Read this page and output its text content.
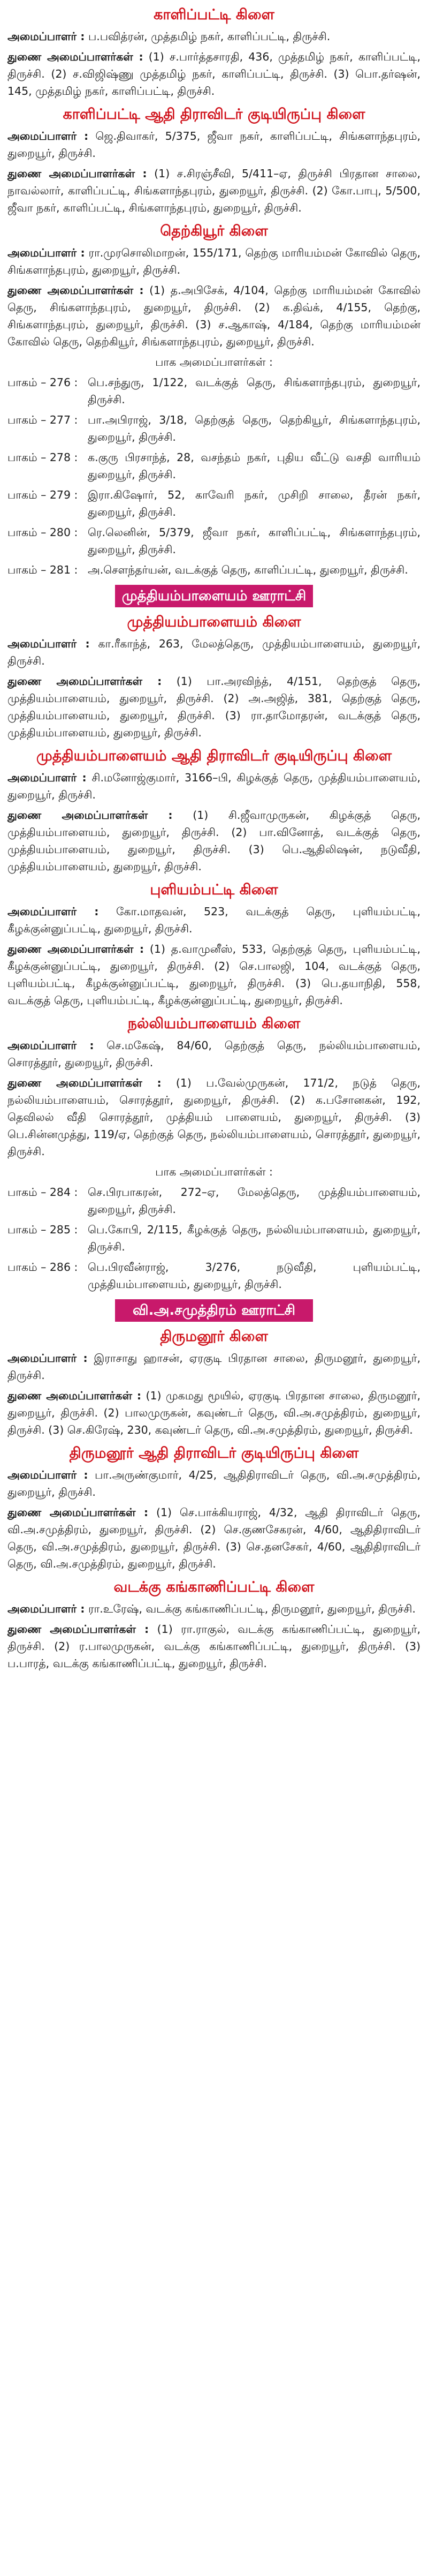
காளிப்பட்டி கிளை
அமைப்பாளர் : ப.பவித்ரன், முத்தமிழ் நகர், காளிப்பட்டி, திருச்சி.
துணை அமைப்பாளர்கள் : (1) ச.பார்த்தசாரதி, 436, முத்தமிழ் நகர், காளிப்பட்டி, திருச்சி. (2) ச.விஜிஷ்ணு முத்தமிழ் நகர், காளிப்பட்டி, திருச்சி. (3) பொ.தர்ஷன், 145, முத்தமிழ் நகர், காளிப்பட்டி, திருச்சி.
காளிப்பட்டி ஆதி திராவிடர் குடியிருப்பு கிளை
அமைப்பாளர் : ஜெ.திவாகர், 5/375, ஜீவா நகர், காளிப்பட்டி, சிங்களாந்தபுரம், துறையூர், திருச்சி.
துணை அமைப்பாளர்கள் : (1) ச.சிரஞ்சீவி, 5/411–ஏ, திருச்சி பிரதான சாலை, நாவல்லார், காளிப்பட்டி, சிங்களாந்தபுரம், துறையூர், திருச்சி. (2) கோ.பாபு, 5/500, ஜீவா நகர், காளிப்பட்டி, சிங்களாந்தபுரம், துறையூர், திருச்சி.
தெற்கியூர் கிளை
அமைப்பாளர் : ரா.முரசொலிமாறன், 155/171, தெற்கு மாரியம்மன் கோவில் தெரு, சிங்களாந்தபுரம், துறையூர், திருச்சி.
துணை அமைப்பாளர்கள் : (1) த.அபிசேக், 4/104, தெற்கு மாரியம்மன் கோவில் தெரு, சிங்களாந்தபுரம், துறையூர், திருச்சி. (2) க.திவ்க், 4/155, தெற்கு, சிங்களாந்தபுரம், துறையூர், திருச்சி. (3) ச.ஆகாஷ், 4/184, தெற்கு மாரியம்மன் கோவில் தெரு, தெற்கியூர், சிங்களாந்தபுரம், துறையூர், திருச்சி.
பாக அமைப்பாளர்கள் :
பாகம் – 276 : பெ.சந்துரு, 1/122, வடக்குத் தெரு, சிங்களாந்தபுரம், துறையூர், திருச்சி.
பாகம் – 277 : பா.அபிராஜ், 3/18, தெற்குத் தெரு, தெற்கியூர், சிங்களாந்தபுரம், துறையூர், திருச்சி.
பாகம் – 278 : க.குரு பிரசாந்த், 28, வசந்தம் நகர், புதிய வீட்டு வசதி வாரியம் துறையூர், திருச்சி.
பாகம் – 279 : இரா.கிஷோர், 52, காவேரி நகர், முசிறி சாலை, தீரன் நகர், துறையூர், திருச்சி.
பாகம் – 280 : ரெ.லெனின், 5/379, ஜீவா நகர், காளிப்பட்டி, சிங்களாந்தபுரம், துறையூர், திருச்சி.
பாகம் – 281 : அ.சௌந்தர்யன், வடக்குத் தெரு, காளிப்பட்டி, துறையூர், திருச்சி.
முத்தியம்பாளையம் ஊராட்சி
முத்தியம்பாளையம் கிளை
அமைப்பாளர் : கா.ரீகாந்த், 263, மேலத்தெரு, முத்தியம்பாளையம், துறையூர், திருச்சி.
துணை அமைப்பாளர்கள் : (1) பா.அரவிந்த், 4/151, தெற்குத் தெரு, முத்தியம்பாளையம், துறையூர், திருச்சி. (2) அ.அஜித், 381, தெற்குத் தெரு, முத்தியம்பாளையம், துறையூர், திருச்சி. (3) ரா.தாமோதரன், வடக்குத் தெரு, முத்தியம்பாளையம், துறையூர், திருச்சி.
முத்தியம்பாளையம் ஆதி திராவிடர் குடியிருப்பு கிளை
அமைப்பாளர் : சி.மனோஜ்குமார், 3166–பி, கிழக்குத் தெரு, முத்தியம்பாளையம், துறையூர், திருச்சி.
துணை அமைப்பாளர்கள் : (1) சி.ஜீவாமுருகன், கிழக்குத் தெரு, முத்தியம்பாளையம், துறையூர், திருச்சி. (2) பா.வினோத், வடக்குத் தெரு, முத்தியம்பாளையம், துறையூர், திருச்சி. (3) பெ.ஆதிலிஷன், நடுவீதி, முத்தியம்பாளையம், துறையூர், திருச்சி.
புளியம்பட்டி கிளை
அமைப்பாளர் : கோ.மாதவன், 523, வடக்குத் தெரு, புளியம்பட்டி, கீழக்குன்னுப்பட்டி, துறையூர், திருச்சி.
துணை அமைப்பாளர்கள் : (1) த.வாமுனீஸ், 533, தெற்குத் தெரு, புளியம்பட்டி, கீழக்குன்னுப்பட்டி, துறையூர், திருச்சி. (2) செ.பாலஜி, 104, வடக்குத் தெரு, புளியம்பட்டி, கீழக்குன்னுப்பட்டி, துறையூர், திருச்சி. (3) பெ.தயாநிதி, 558, வடக்குத் தெரு, புளியம்பட்டி, கீழக்குன்னுப்பட்டி, துறையூர், திருச்சி.
நல்லியம்பாளையம் கிளை
அமைப்பாளர் : செ.மகேஷ், 84/60, தெற்குத் தெரு, நல்லியம்பாளையம், சொரத்தூர், துறையூர், திருச்சி.
துணை அமைப்பாளர்கள் : (1) ப.வேல்முருகன், 171/2, நடுத் தெரு, நல்லியம்பாளையம், சொரத்தூர், துறையூர், திருச்சி. (2) க.பசோனகன், 192, தெவிலல் வீதி சொரத்தூர், முத்தியம் பாளையம், துறையூர், திருச்சி. (3) பெ.சின்னமுத்து, 119/ஏ, தெற்குத் தெரு, நல்லியம்பாளையம், சொரத்தூர், துறையூர், திருச்சி.
பாக அமைப்பாளர்கள் :
பாகம் – 284 : செ.பிரபாகரன், 272–ஏ, மேலத்தெரு, முத்தியம்பாளையம், துறையூர், திருச்சி.
பாகம் – 285 : பெ.கோபி, 2/115, கீழக்குத் தெரு, நல்லியம்பாளையம், துறையூர், திருச்சி.
பாகம் – 286 : பெ.பிரவீன்ராஜ், 3/276, நடுவீதி, புளியம்பட்டி, முத்தியம்பாளையம், துறையூர், திருச்சி.
வி.அ.சமுத்திரம் ஊராட்சி
திருமனூர் கிளை
அமைப்பாளர் : இராசாது ஹாசன், ஏரகுடி பிரதான சாலை, திருமனூர், துறையூர், திருச்சி.
துணை அமைப்பாளர்கள் : (1) முகமது மூயில், ஏரகுடி பிரதான சாலை, திருமனூர், துறையூர், திருச்சி. (2) பாலமுருகன், கவுண்டர் தெரு, வி.அ.சமுத்திரம், துறையூர், திருச்சி. (3) செ.கிரேஷ், 230, கவுண்டர் தெரு, வி.அ.சமுத்திரம், துறையூர், திருச்சி.
திருமனூர் ஆதி திராவிடர் குடியிருப்பு கிளை
அமைப்பாளர் : பா.அருண்குமார், 4/25, ஆதிதிராவிடர் தெரு, வி.அ.சமுத்திரம், துறையூர், திருச்சி.
துணை அமைப்பாளர்கள் : (1) செ.பாக்கியராஜ், 4/32, ஆதி திராவிடர் தெரு, வி.அ.சமுத்திரம், துறையூர், திருச்சி. (2) செ.குணசேகரன், 4/60, ஆதிதிராவிடர் தெரு, வி.அ.சமுத்திரம், துறையூர், திருச்சி. (3) செ.தனசேகர், 4/60, ஆதிதிராவிடர் தெரு, வி.அ.சமுத்திரம், துறையூர், திருச்சி.
வடக்கு கங்காணிப்பட்டி கிளை
அமைப்பாளர் : ரா.உரேஷ், வடக்கு கங்காணிப்பட்டி, திருமனூர், துறையூர், திருச்சி.
துணை அமைப்பாளர்கள் : (1) ரா.ராகுல், வடக்கு கங்காணிப்பட்டி, துறையூர், திருச்சி. (2) ர.பாலமுருகன், வடக்கு கங்காணிப்பட்டி, துறையூர், திருச்சி. (3) ப.பாரத், வடக்கு கங்காணிப்பட்டி, துறையூர், திருச்சி.
